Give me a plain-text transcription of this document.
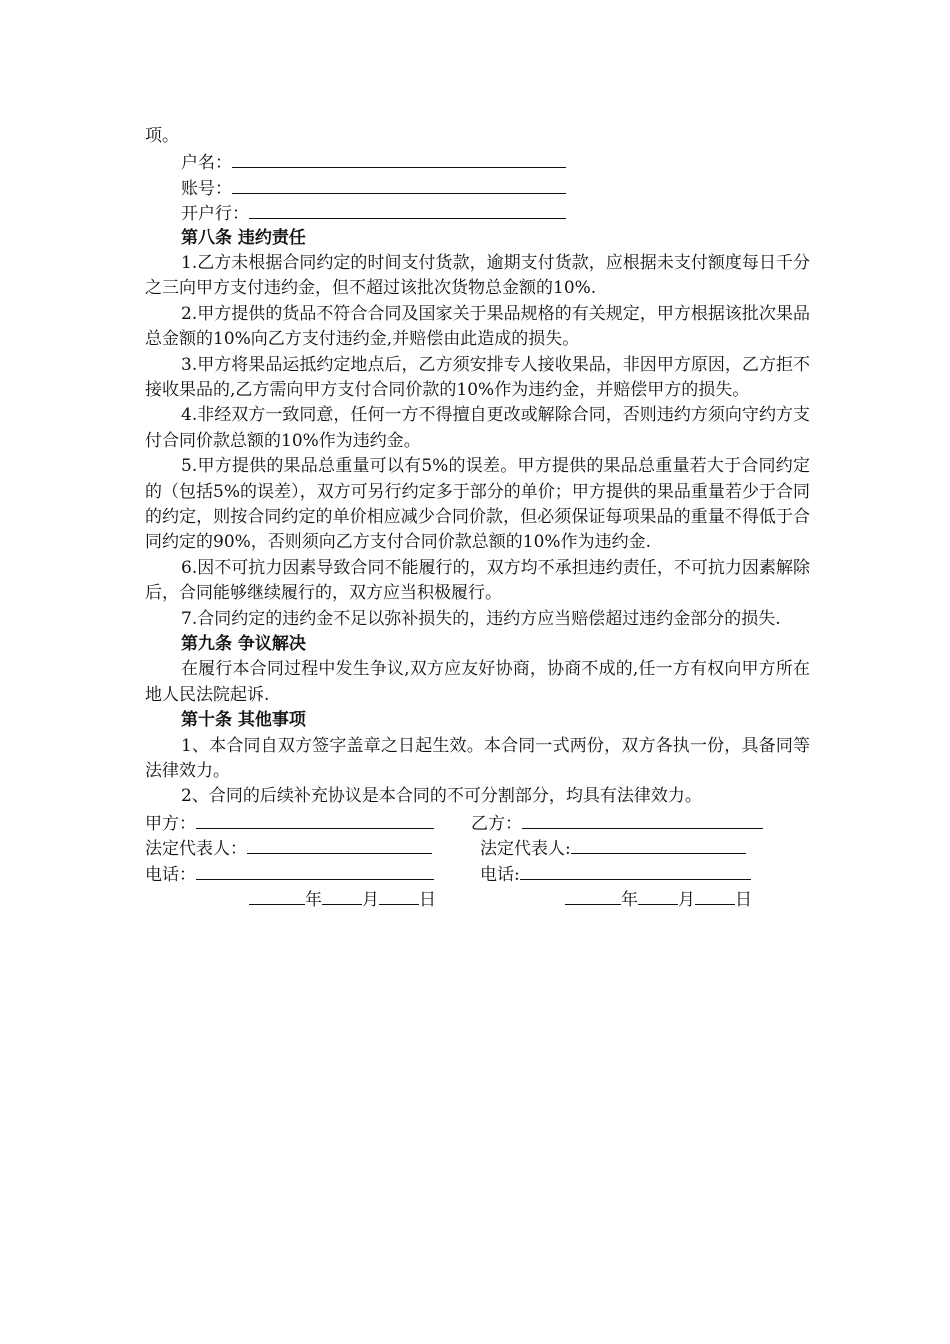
项。
户名：
账号：
开户行：
第八条 违约责任
1.乙方未根据合同约定的时间支付货款，逾期支付货款，应根据未支付额度每日千分之三向甲方支付违约金，但不超过该批次货物总金额的10%.
2.甲方提供的货品不符合合同及国家关于果品规格的有关规定，甲方根据该批次果品总金额的10%向乙方支付违约金,并赔偿由此造成的损失。
3.甲方将果品运抵约定地点后，乙方须安排专人接收果品，非因甲方原因，乙方拒不接收果品的,乙方需向甲方支付合同价款的10%作为违约金，并赔偿甲方的损失。
4.非经双方一致同意，任何一方不得擅自更改或解除合同，否则违约方须向守约方支付合同价款总额的10%作为违约金。
5.甲方提供的果品总重量可以有5%的误差。甲方提供的果品总重量若大于合同约定的（包括5%的误差），双方可另行约定多于部分的单价；甲方提供的果品重量若少于合同的约定，则按合同约定的单价相应减少合同价款，但必须保证每项果品的重量不得低于合同约定的90%，否则须向乙方支付合同价款总额的10%作为违约金.
6.因不可抗力因素导致合同不能履行的，双方均不承担违约责任，不可抗力因素解除后，合同能够继续履行的，双方应当积极履行。
7.合同约定的违约金不足以弥补损失的，违约方应当赔偿超过违约金部分的损失.
第九条 争议解决
在履行本合同过程中发生争议,双方应友好协商，协商不成的,任一方有权向甲方所在地人民法院起诉.
第十条 其他事项
1、本合同自双方签字盖章之日起生效。本合同一式两份，双方各执一份，具备同等法律效力。
2、合同的后续补充协议是本合同的不可分割部分，均具有法律效力。
甲方：	乙方：
法定代表人：	法定代表人:
电话：	电话:
年 月 日	年 月 日
